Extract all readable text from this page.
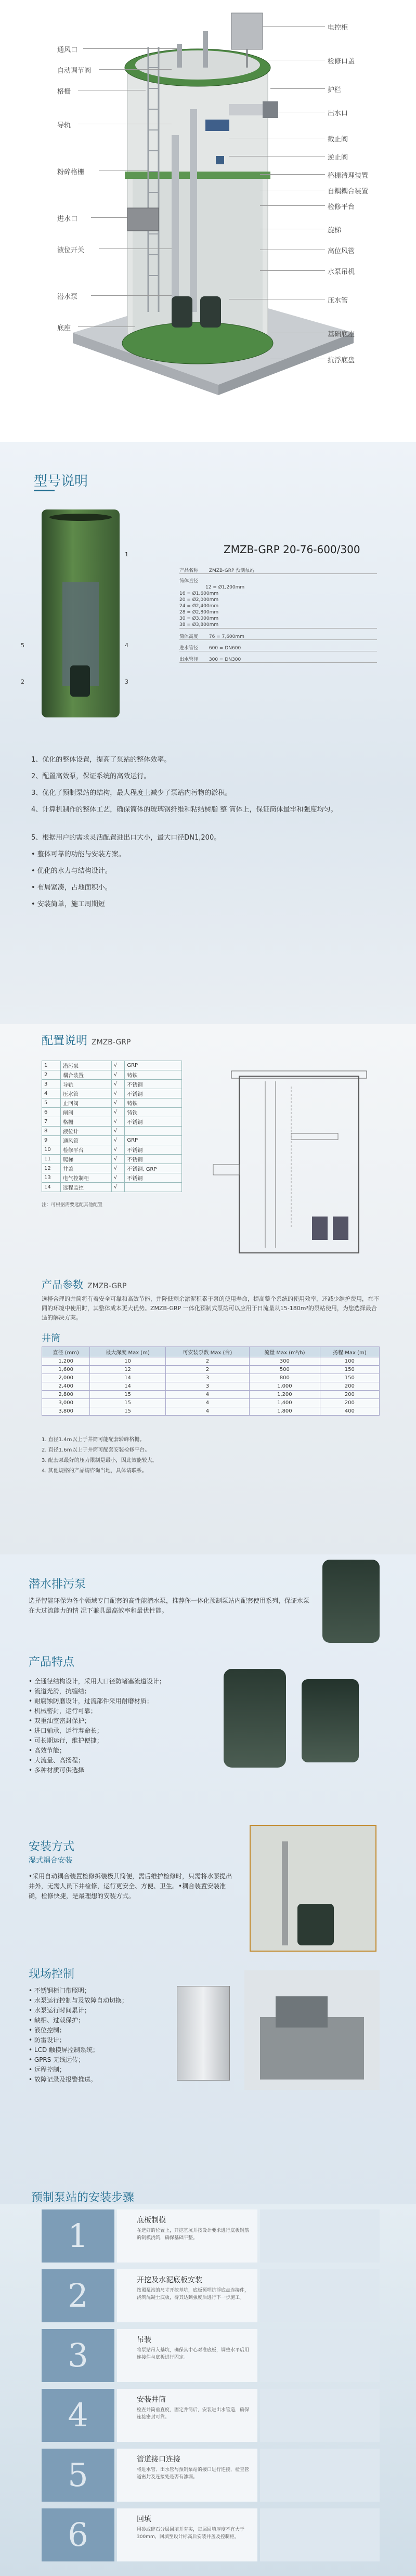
电控柜
检修口盖
护栏
出水口
截止阀
逆止阀
格栅清理装置
自耦耦合装置
检修平台
旋梯
高位风管
水泵吊机
压水管
基础底座
抗浮底盘
通风口
自动调节阀
格栅
导轨
粉碎格栅
进水口
液位开关
潜水泵
底座
型号说明
1
2	3
4
5
ZMZB-GRP 20-76-600/300
产品名称 ZMZB-GRP 预制泵站
简体直径
12 = Ø1,200mm
16 = Ø1,600mm
20 = Ø2,000mm
24 = Ø2,400mm
28 = Ø2,800mm
30 = Ø3,000mm
38 = Ø3,800mm
简体高度 76 = 7,600mm
进水管径 600 = DN600
出水管径 300 = DN300
1、优化的整体设置，提高了泵站的整体效率。
2、配置高效泵，保证系统的高效运行。
3、优化了预制泵站的结构，最大程度上减少了泵站内污物的淤积。
4、计算机制作的整体工艺，确保简体的玻璃钢纤维和粘结树脂 整 筒体上，保证筒体最牢和强度均匀。
5、根据用户的需求灵活配置进出口大小，最大口径DN1,200。
• 整体可靠的功能与安装方案。
• 优化的水力与结构设计。
• 布局紧凑，占地面积小。
• 安装简单，施工周期短
配置说明 ZMZB-GRP
1	潜污泵	√	GRP
2	耦合装置	√	铸铁
3	导轨	√	不锈钢
4	压水管	√	不锈钢
5	止回阀	√	铸铁
6	闸阀	√	铸铁
7	格栅	√	不锈钢
8	液位计	√	
9	通风管	√	GRP
10	检修平台	√	不锈钢
11	爬梯	√	不锈钢
12	井盖	√	不锈钢, GRP
13	电气控制柜	√	不锈钢
14	远程监控	√	
注：可根据需要选配其他配置
产品参数 ZMZB-GRP
选择合理的井筒将有着安全可靠和高效节能，并降低剩余淤泥积累于泵的使用寿命，提高整个系统的使用效率，还减少维护费用，在不同的环境中使用时，其整体成本更大优势。ZMZB-GRP 一体化预制式泵站可以应用于日流量从15-180m³的泵站使用，为您选择最合适的解决方案。
井筒
直径 (mm)	最大深度 Max (m)	可安装泵数 Max (台)	流量 Max (m³/h)	扬程 Max (m)
1,200	10	2	300	100
1,600	12	2	500	150
2,000	14	3	800	150
2,400	14	3	1,000	200
2,800	15	4	1,200	200
3,000	15	4	1,400	200
3,800	15	4	1,800	400
1. 直径1.4m以上于井筒可能配套转峰格栅。
2. 直径1.6m以上于井筒可配套安装检修平台。
3. 配套泵最好的压力限制是最小，因此效能较大。
4. 其他规格的产品请咨询当地，具体请联系。
潜水排污泵
选择智能环保为各个领域专门配套的高性能潜水泵，推荐你一体化预制泵站内配套使用系列，保证水泵在大过流能力的情 况下兼具最高效率和最优性能。
产品特点
• 全通径结构设计，采用大口径防堵塞流道设计；
• 流道光滑，抗缠结；
• 耐腐蚀防磨设计，过流部件采用耐磨材质；
• 机械密封，运行可靠；
• 双重油室密封保护；
• 进口轴承，运行寿命长；
• 可长期运行，维护便捷；
• 高效节能；
• 大流量、高扬程；
• 多种材质可供选择
安装方式
湿式耦合安装
•采用自动耦合装置检修拆装极其简便，需后维护检修时，只需将水泵提出井外，无需人员下井检修，运行更安全、方便、卫生。•耦合装置安装准确，检修快捷，是最理想的安装方式。
现场控制
• 不锈钢柜门带照明；
• 水泵运行控制与及故障自动切换；
• 水泵运行时间累计；
• 缺相、过载保护；
• 液位控制；
• 防雷设计；
• LCD 触摸屏控制系统；
• GPRS 无线远传；
• 远程控制；
• 故障记录及报警推送。
预制泵站的安装步骤
1	底板制模
在选好的位置上，开挖基坑并按设计要求进行底板钢筋的制模浇筑，确保基础平整。
2	开挖及水泥底板安装
按照泵站的尺寸开挖基坑，底板预埋抗浮底盘连接件，浇筑混凝土底板，待其达到强度后进行下一步施工。
3	吊装
将泵站吊入基坑，确保其中心对准底板，调整水平后用连接件与底板进行固定。
4	安装井筒
检查井筒垂直度，固定井筒后，安装进出水管道，确保连接密封可靠。
5	管道接口连接
将进水管、出水管与预制泵站的接口进行连接，检查管道密封及连接处是否有渗漏。
6	回填
用砂或碎石分层回填并夯实，每层回填厚度不宜大于300mm，回填至设计标高后安装井盖及控制柜。
